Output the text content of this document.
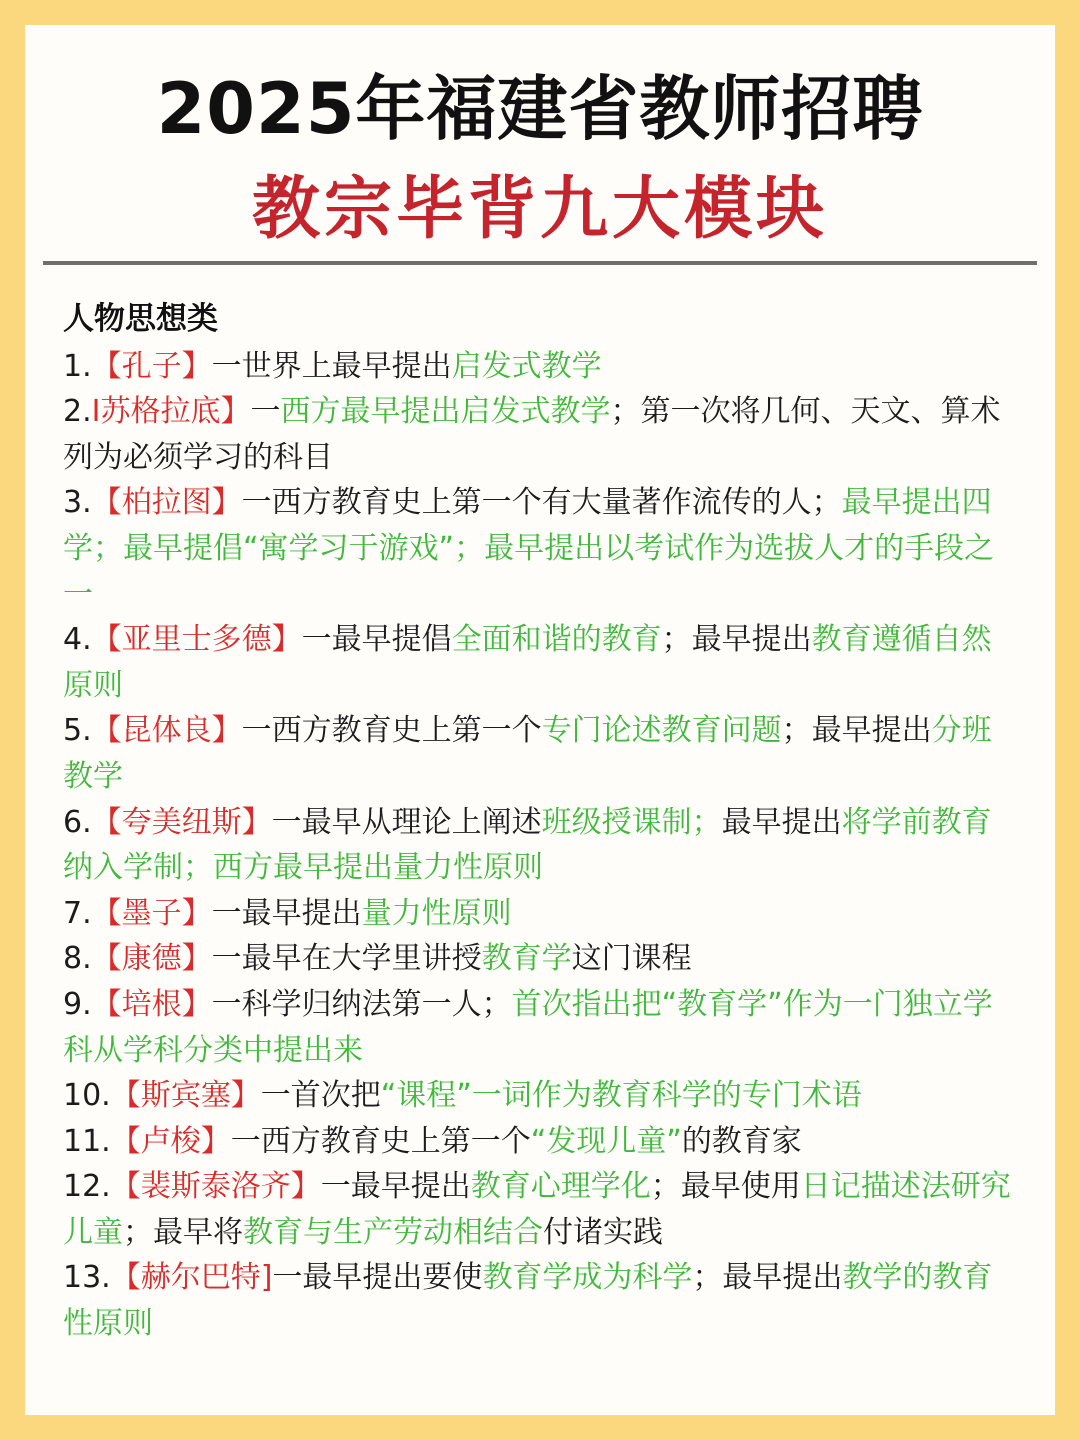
2025年福建省教师招聘
教宗毕背九大模块
人物思想类
1.【孔子】一世界上最早提出启发式教学
2.I苏格拉底】一西方最早提出启发式教学；第一次将几何、天文、算术列为必须学习的科目
3.【柏拉图】一西方教育史上第一个有大量著作流传的人；最早提出四学；最早提倡“寓学习于游戏”；最早提出以考试作为选拔人才的手段之一
4.【亚里士多德】一最早提倡全面和谐的教育；最早提出教育遵循自然原则
5.【昆体良】一西方教育史上第一个专门论述教育问题；最早提出分班教学
6.【夸美纽斯】一最早从理论上阐述班级授课制；最早提出将学前教育纳入学制；西方最早提出量力性原则
7.【墨子】一最早提出量力性原则
8.【康德】一最早在大学里讲授教育学这门课程
9.【培根】一科学归纳法第一人；首次指出把“教育学”作为一门独立学科从学科分类中提出来
10.【斯宾塞】一首次把“课程”一词作为教育科学的专门术语
11.【卢梭】一西方教育史上第一个“发现儿童”的教育家
12.【裴斯泰洛齐】一最早提出教育心理学化；最早使用日记描述法研究儿童；最早将教育与生产劳动相结合付诸实践
13.【赫尔巴特]一最早提出要使教育学成为科学；最早提出教学的教育性原则
